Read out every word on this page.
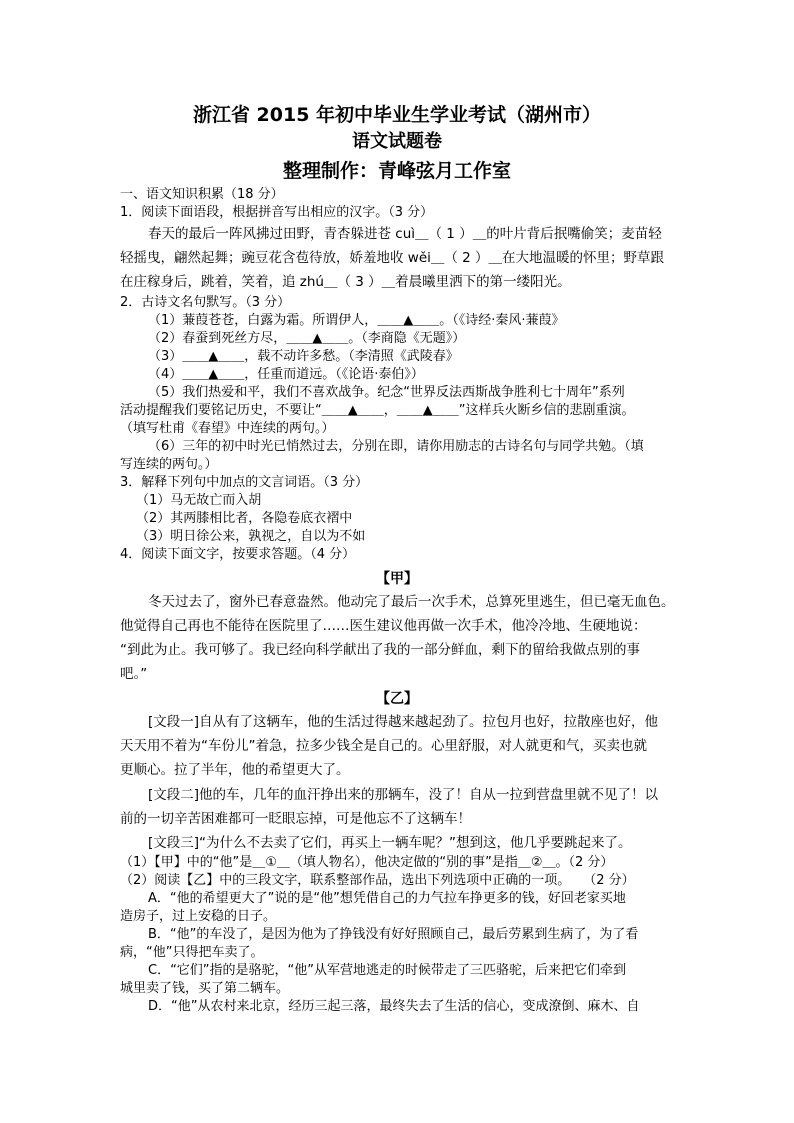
浙江省 2015 年初中毕业生学业考试（湖州市）
语文试题卷
整理制作：青峰弦月工作室
一、语文知识积累（18 分）
1．阅读下面语段，根据拼音写出相应的汉字。（3 分）
春天的最后一阵风拂过田野，青杏躲进苍 cuì＿（ 1 ）＿的叶片背后抿嘴偷笑；麦苗轻
轻摇曳，翩然起舞；豌豆花含苞待放，娇羞地收 wěi＿（ 2 ）＿在大地温暖的怀里；野草跟
在庄稼身后，跳着，笑着，追 zhú＿（ 3 ）＿着晨曦里洒下的第一缕阳光。
2．古诗文名句默写。（3 分）
（1）蒹葭苍苍，白露为霜。所谓伊人，＿＿▲＿＿。（《诗经·秦风·蒹葭》
（2）春蚕到死丝方尽，＿＿▲＿＿。（李商隐《无题》）
（3）＿＿▲＿＿，载不动许多愁。（李清照《武陵春》
（4）＿＿▲＿＿，任重而道远。（《论语·泰伯》）
（5）我们热爱和平，我们不喜欢战争。纪念“世界反法西斯战争胜利七十周年”系列
活动提醒我们要铭记历史，不要让“＿＿▲＿＿，＿＿▲＿＿”这样兵火断乡信的悲剧重演。
（填写杜甫《春望》中连续的两句。）
（6）三年的初中时光已悄然过去，分别在即，请你用励志的古诗名句与同学共勉。（填
写连续的两句。）
3．解释下列句中加点的文言词语。（3 分）
（1）马无故亡而入胡
（2）其两膝相比者，各隐卷底衣褶中
（3）明日徐公来，孰视之，自以为不如
4．阅读下面文字，按要求答题。（4 分）
【甲】
冬天过去了，窗外已春意盎然。他动完了最后一次手术，总算死里逃生，但已毫无血色。
他觉得自己再也不能待在医院里了……医生建议他再做一次手术，他冷冷地、生硬地说：
“到此为止。我可够了。我已经向科学献出了我的一部分鲜血，剩下的留给我做点别的事
吧。”
【乙】
[文段一]自从有了这辆车，他的生活过得越来越起劲了。拉包月也好，拉散座也好，他
天天用不着为“车份儿”着急，拉多少钱全是自己的。心里舒服，对人就更和气，买卖也就
更顺心。拉了半年，他的希望更大了。
[文段二]他的车，几年的血汗挣出来的那辆车，没了！自从一拉到营盘里就不见了！以
前的一切辛苦困难都可一眨眼忘掉，可是他忘不了这辆车！
[文段三]“为什么不去卖了它们，再买上一辆车呢？”想到这，他几乎要跳起来了。
（1）【甲】中的“他”是＿①＿（填人物名），他决定做的“别的事”是指＿②＿。（2 分）
（2）阅读【乙】中的三段文字，联系整部作品，选出下列选项中正确的一项。　　（2 分）
A．“他的希望更大了”说的是“他”想凭借自己的力气拉车挣更多的钱，好回老家买地
造房子，过上安稳的日子。
B．“他”的车没了，是因为他为了挣钱没有好好照顾自己，最后劳累到生病了，为了看
病，“他”只得把车卖了。
C．“它们”指的是骆驼，“他”从军营地逃走的时候带走了三匹骆驼，后来把它们牵到
城里卖了钱，买了第二辆车。
D．“他”从农村来北京，经历三起三落，最终失去了生活的信心，变成潦倒、麻木、自
